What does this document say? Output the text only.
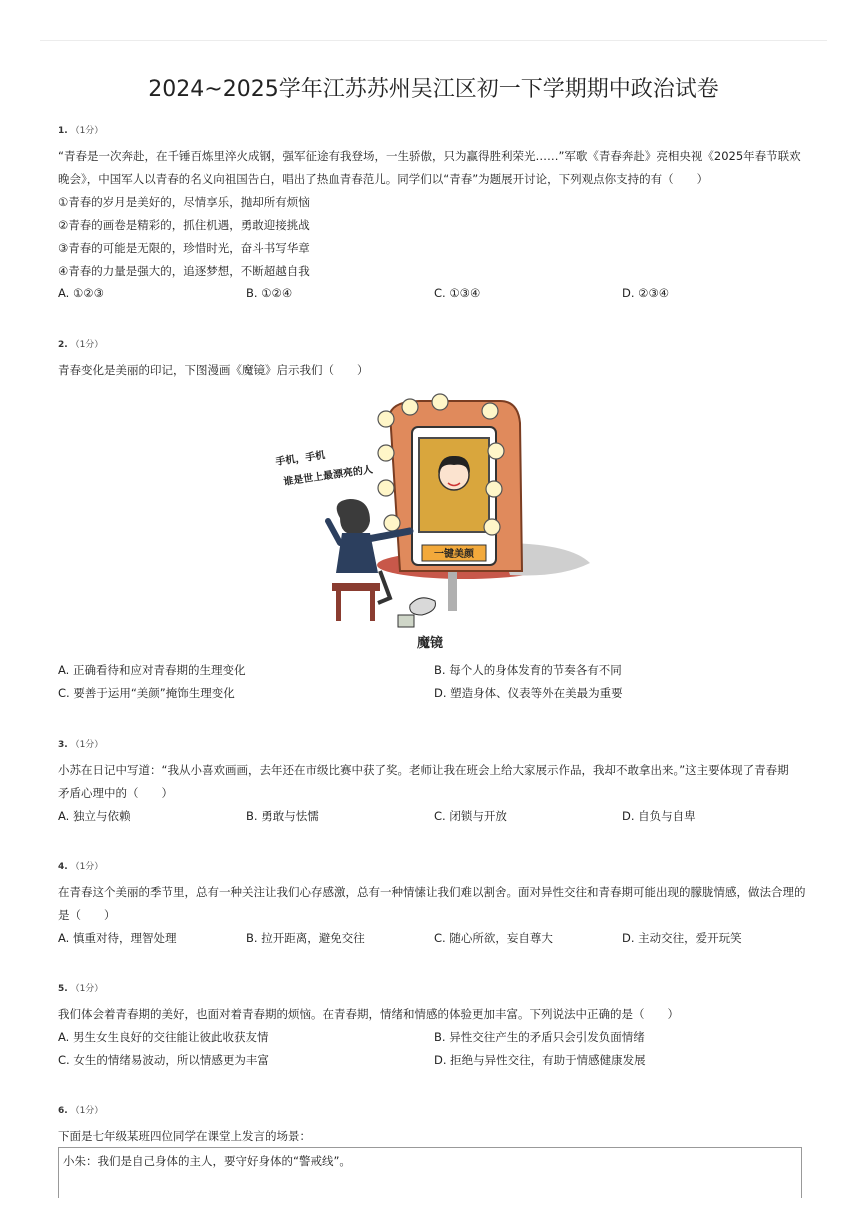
2024~2025学年江苏苏州吴江区初一下学期期中政治试卷
1. （1分）
“青春是一次奔赴，在千锤百炼里淬火成钢，强军征途有我登场，一生骄傲，只为赢得胜利荣光……”军歌《青春奔赴》亮相央视《2025年春节联欢
晚会》，中国军人以青春的名义向祖国告白，唱出了热血青春范儿。同学们以“青春”为题展开讨论，下列观点你支持的有（　　）
①青春的岁月是美好的，尽情享乐，抛却所有烦恼
②青春的画卷是精彩的，抓住机遇，勇敢迎接挑战
③青春的可能是无限的，珍惜时光，奋斗书写华章
④青春的力量是强大的，追逐梦想，不断超越自我
A. ①②③	B. ①②④	C. ①③④	D. ②③④
2. （1分）
青春变化是美丽的印记，下图漫画《魔镜》启示我们（　　）
一键美颜
手机，手机
谁是世上最漂亮的人
魔镜
A. 正确看待和应对青春期的生理变化	B. 每个人的身体发育的节奏各有不同
C. 要善于运用“美颜”掩饰生理变化	D. 塑造身体、仪表等外在美最为重要
3. （1分）
小苏在日记中写道：“我从小喜欢画画，去年还在市级比赛中获了奖。老师让我在班会上给大家展示作品，我却不敢拿出来。”这主要体现了青春期
矛盾心理中的（　　）
A. 独立与依赖	B. 勇敢与怯懦	C. 闭锁与开放	D. 自负与自卑
4. （1分）
在青春这个美丽的季节里，总有一种关注让我们心存感激，总有一种情愫让我们难以割舍。面对异性交往和青春期可能出现的朦胧情感，做法合理的
是（　　）
A. 慎重对待，理智处理	B. 拉开距离，避免交往	C. 随心所欲，妄自尊大	D. 主动交往，爱开玩笑
5. （1分）
我们体会着青春期的美好，也面对着青春期的烦恼。在青春期，情绪和情感的体验更加丰富。下列说法中正确的是（　　）
A. 男生女生良好的交往能让彼此收获友情	B. 异性交往产生的矛盾只会引发负面情绪
C. 女生的情绪易波动，所以情感更为丰富	D. 拒绝与异性交往，有助于情感健康发展
6. （1分）
下面是七年级某班四位同学在课堂上发言的场景：
小朱：我们是自己身体的主人，要守好身体的“警戒线”。
